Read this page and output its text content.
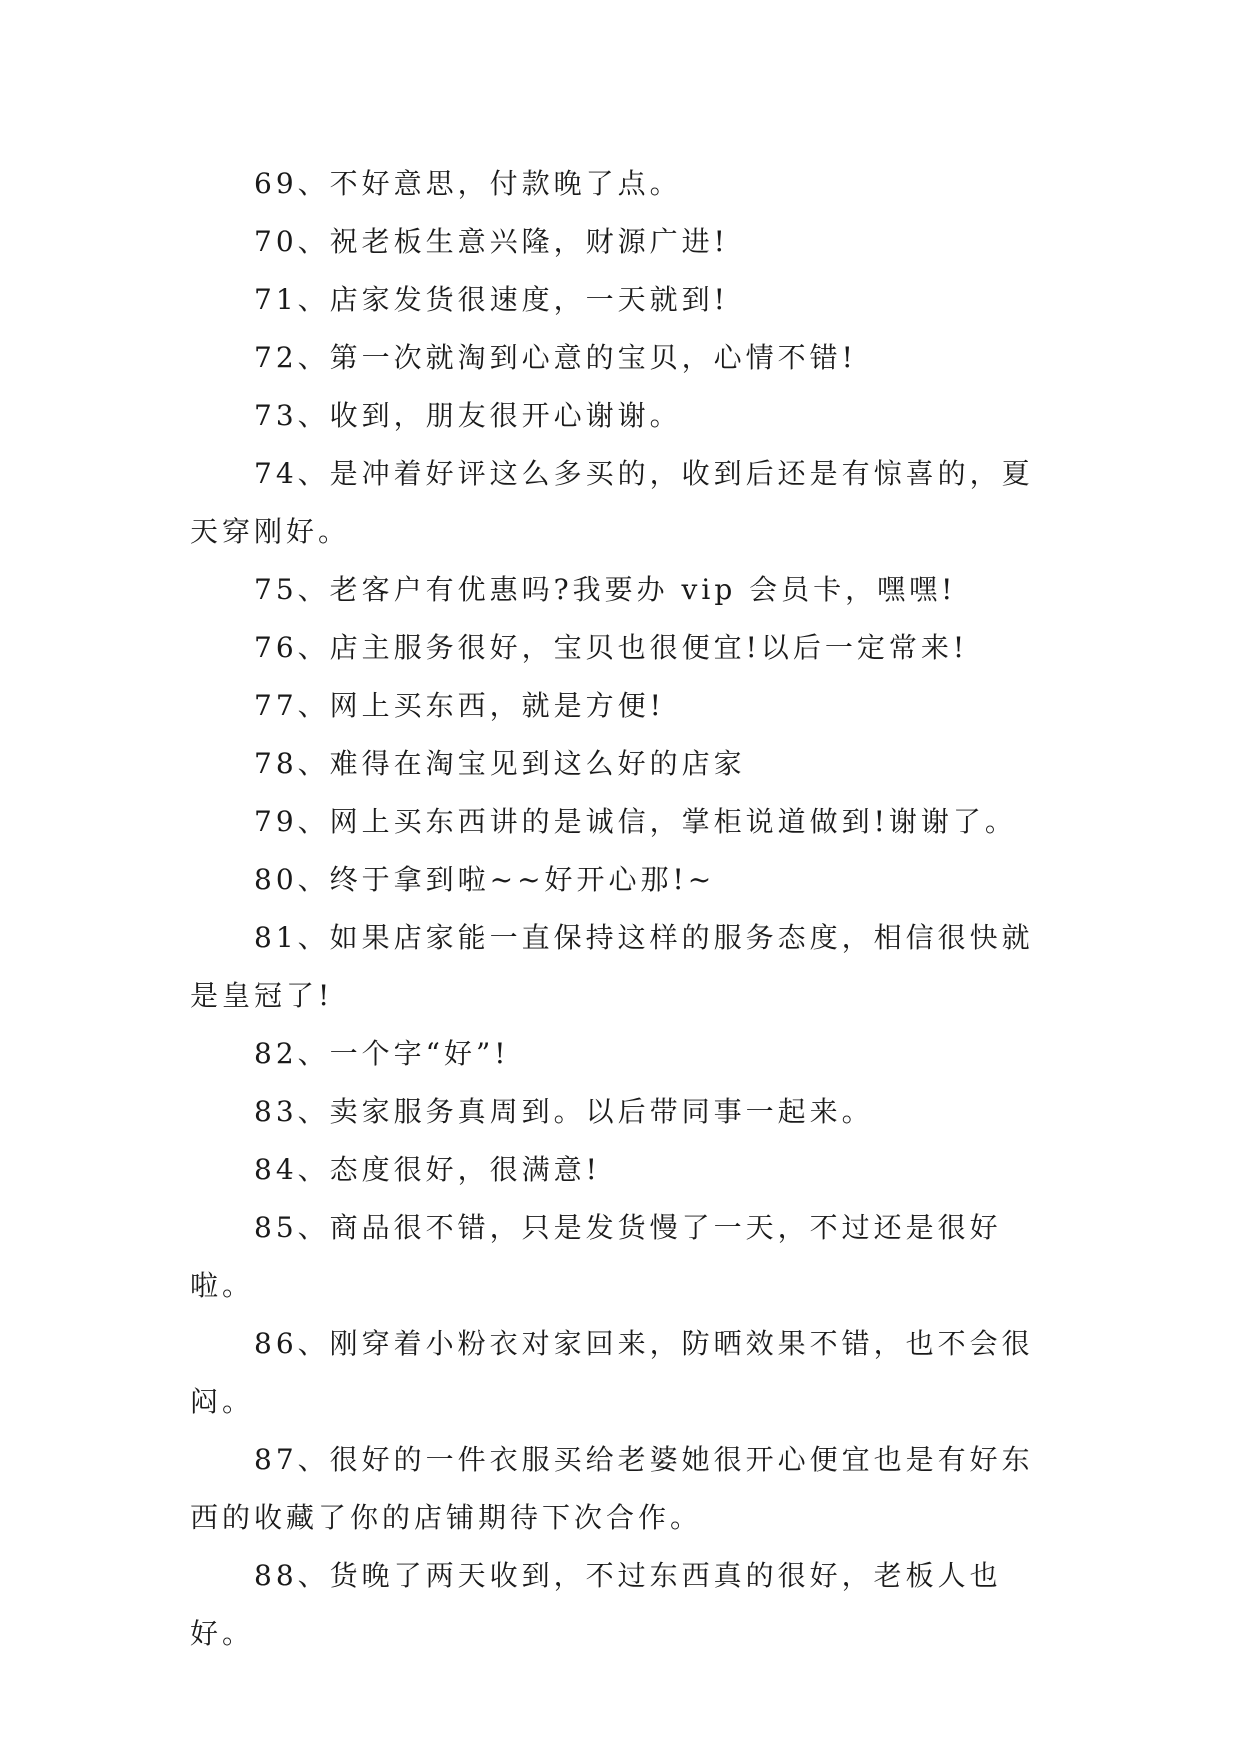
69、不好意思，付款晚了点。

70、祝老板生意兴隆，财源广进!

71、店家发货很速度，一天就到!

72、第一次就淘到心意的宝贝，心情不错!

73、收到，朋友很开心谢谢。

74、是冲着好评这么多买的，收到后还是有惊喜的，夏天穿刚好。

75、老客户有优惠吗?我要办 vip 会员卡，嘿嘿!

76、店主服务很好，宝贝也很便宜!以后一定常来!

77、网上买东西，就是方便!

78、难得在淘宝见到这么好的店家

79、网上买东西讲的是诚信，掌柜说道做到!谢谢了。

80、终于拿到啦~~好开心那!~

81、如果店家能一直保持这样的服务态度，相信很快就是皇冠了!

82、一个字“好”!

83、卖家服务真周到。以后带同事一起来。

84、态度很好，很满意!

85、商品很不错，只是发货慢了一天，不过还是很好啦。

86、刚穿着小粉衣对家回来，防晒效果不错，也不会很闷。

87、很好的一件衣服买给老婆她很开心便宜也是有好东西的收藏了你的店铺期待下次合作。

88、货晚了两天收到，不过东西真的很好，老板人也好。
